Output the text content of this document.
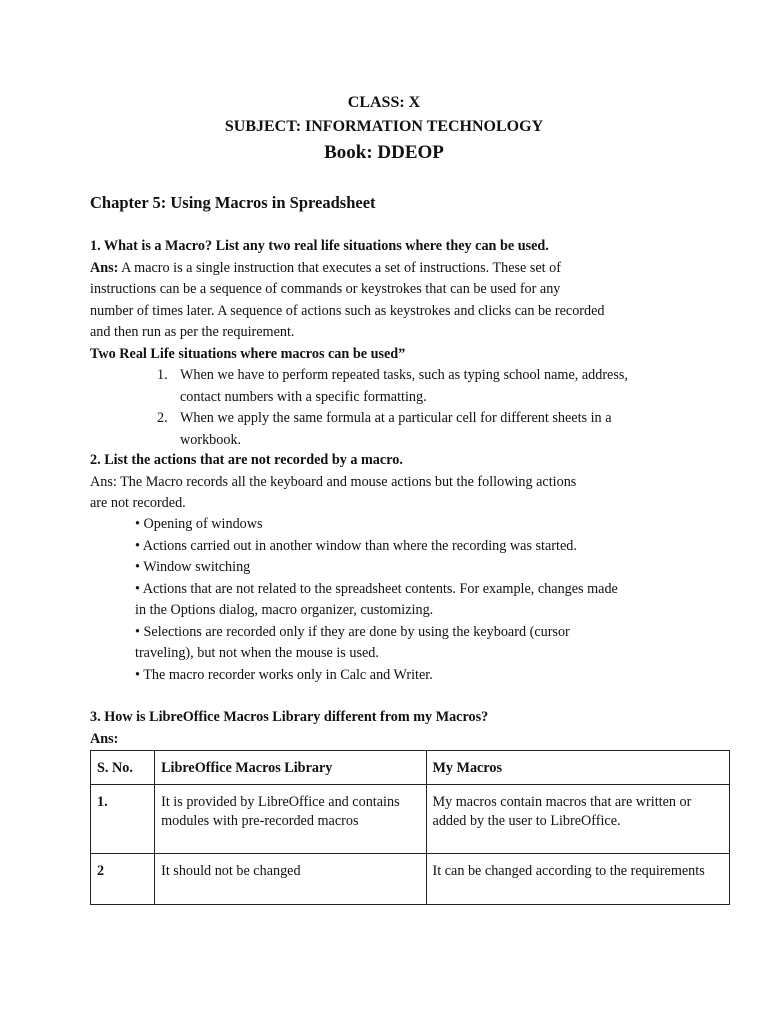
CLASS: X
SUBJECT: INFORMATION TECHNOLOGY
Book: DDEOP
Chapter 5: Using Macros in Spreadsheet
1. What is a Macro? List any two real life situations where they can be used.
Ans: A macro is a single instruction that executes a set of instructions. These set of
instructions can be a sequence of commands or keystrokes that can be used for any
number of times later. A sequence of actions such as keystrokes and clicks can be recorded
and then run as per the requirement.
Two Real Life situations where macros can be used”
1. When we have to perform repeated tasks, such as typing school name, address,
contact numbers with a specific formatting.
2. When we apply the same formula at a particular cell for different sheets in a
workbook.
2. List the actions that are not recorded by a macro.
Ans: The Macro records all the keyboard and mouse actions but the following actions
are not recorded.
• Opening of windows
• Actions carried out in another window than where the recording was started.
• Window switching
• Actions that are not related to the spreadsheet contents. For example, changes made
in the Options dialog, macro organizer, customizing.
• Selections are recorded only if they are done by using the keyboard (cursor
traveling), but not when the mouse is used.
• The macro recorder works only in Calc and Writer.
3. How is LibreOffice Macros Library different from my Macros?
Ans:
S. No.	LibreOffice Macros Library	My Macros
1.	It is provided by LibreOffice and contains modules with pre-recorded macros	My macros contain macros that are written or added by the user to LibreOffice.
2	It should not be changed	It can be changed according to the requirements
